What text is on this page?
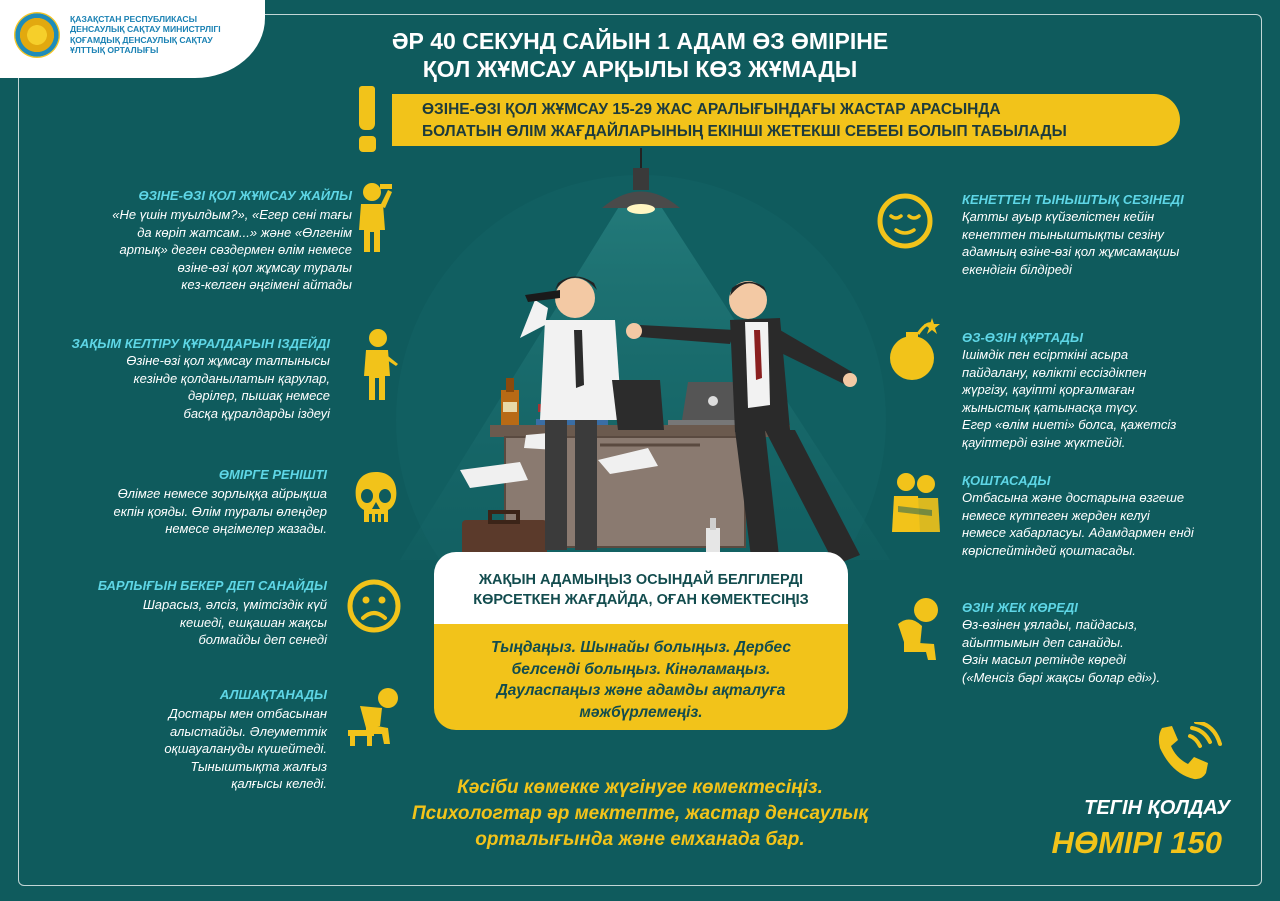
ҚАЗАҚСТАН РЕСПУБЛИКАСЫ
ДЕНСАУЛЫҚ САҚТАУ МИНИСТРЛІГІ
ҚОҒАМДЫҚ ДЕНСАУЛЫҚ САҚТАУ
ҰЛТТЫҚ ОРТАЛЫҒЫ	ӘР 40 СЕКУНД САЙЫН 1 АДАМ ӨЗ ӨМІРІНЕ
ҚОЛ ЖҰМСАУ АРҚЫЛЫ КӨЗ ЖҰМАДЫ
ӨЗІНЕ-ӨЗІ ҚОЛ ЖҰМСАУ 15-29 ЖАС АРАЛЫҒЫНДАҒЫ ЖАСТАР АРАСЫНДА
БОЛАТЫН ӨЛІМ ЖАҒДАЙЛАРЫНЫҢ ЕКІНШІ ЖЕТЕКШІ СЕБЕБІ БОЛЫП ТАБЫЛАДЫ
ӨЗІНЕ-ӨЗІ ҚОЛ ЖҰМСАУ ЖАЙЛЫ
«Не үшін туылдым?», «Егер сені тағы
да көріп жатсам...» және «Өлгенім
артық» деген сөздермен өлім немесе
өзіне-өзі қол жұмсау туралы
кез-келген әңгімені айтады
ЗАҚЫМ КЕЛТІРУ ҚҰРАЛДАРЫН ІЗДЕЙДІ
Өзіне-өзі қол жұмсау талпынысы
кезінде қолданылатын қарулар,
дәрілер, пышақ немесе
басқа құралдарды іздеуі
ӨМІРГЕ РЕНІШТІ
Өлімге немесе зорлыққа айрықша
екпін қояды. Өлім туралы өлеңдер
немесе әңгімелер жазады.
БАРЛЫҒЫН БЕКЕР ДЕП САНАЙДЫ
Шарасыз, әлсіз, үмітсіздік күй
кешеді, ешқашан жақсы
болмайды деп сенеді
АЛШАҚТАНАДЫ
Достары мен отбасынан
алыстайды. Әлеуметтік
оқшауалануды күшейтеді.
Тыныштықта жалғыз
қалғысы келеді.
КЕНЕТТЕН ТЫНЫШТЫҚ СЕЗІНЕДІ
Қатты ауыр күйзелістен кейін
кенеттен тыныштықты сезіну
адамның өзіне-өзі қол жұмсамақшы
екендігін білдіреді
ӨЗ-ӨЗІН ҚҰРТАДЫ
Ішімдік пен есірткіні асыра
пайдалану, көлікті ессіздікпен
жүргізу, қауіпті қорғалмаған
жыныстық қатынасқа түсу.
Егер «өлім ниеті» болса, қажетсіз
қауіптерді өзіне жүктейді.
ҚОШТАСАДЫ
Отбасына және достарына өзгеше
немесе күтпеген жерден келуі
немесе хабарласуы. Адамдармен енді
көріспейтіндей қоштасады.
ӨЗІН ЖЕК КӨРЕДІ
Өз-өзінен ұялады, пайдасыз,
айыптымын деп санайды.
Өзін масыл ретінде көреді
(«Менсіз бәрі жақсы болар еді»).
ЖАҚЫН АДАМЫҢЫЗ ОСЫНДАЙ БЕЛГІЛЕРДІ
КӨРСЕТКЕН ЖАҒДАЙДА, ОҒАН КӨМЕКТЕСІҢІЗ
Тыңдаңыз. Шынайы болыңыз. Дербес
белсенді болыңыз. Кінәламаңыз.
Дауласпаңыз және адамды ақталуға
мәжбүрлемеңіз.
Кәсіби көмекке жүгінуге көмектесіңіз.
Психологтар әр мектепте, жастар денсаулық
орталығында және емханада бар.
ТЕГІН ҚОЛДАУ
НӨМІРІ 150
